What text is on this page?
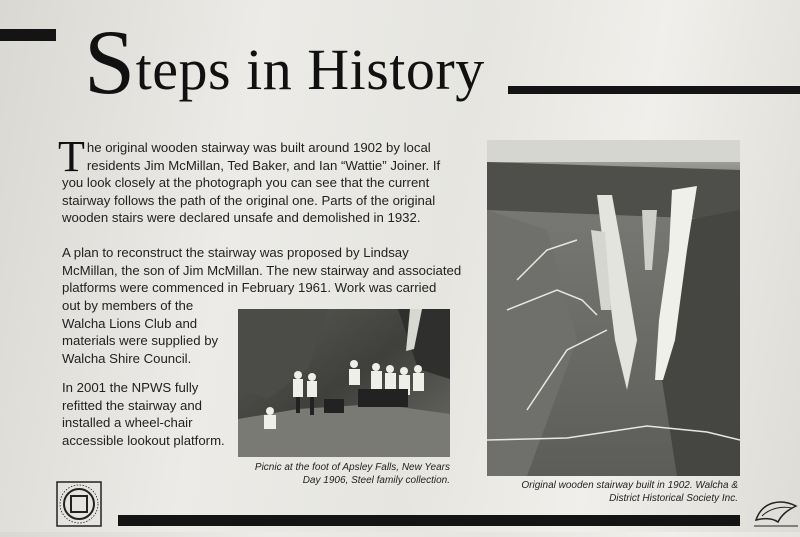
Steps in History
The original wooden stairway was built around 1902 by local residents Jim McMillan, Ted Baker, and Ian “Wattie” Joiner. If you look closely at the photograph you can see that the current stairway follows the path of the original one. Parts of the original wooden stairs were declared unsafe and demolished in 1932.
A plan to reconstruct the stairway was proposed by Lindsay McMillan, the son of Jim McMillan. The new stairway and associated platforms were commenced in February 1961. Work was carried
out by members of the Walcha Lions Club and materials were supplied by Walcha Shire Council.
In 2001 the NPWS fully refitted the stairway and installed a wheel-chair accessible lookout platform.
Picnic at the foot of Apsley Falls, New Years Day 1906, Steel family collection.	Original wooden stairway built in 1902. Walcha & District Historical Society Inc.
